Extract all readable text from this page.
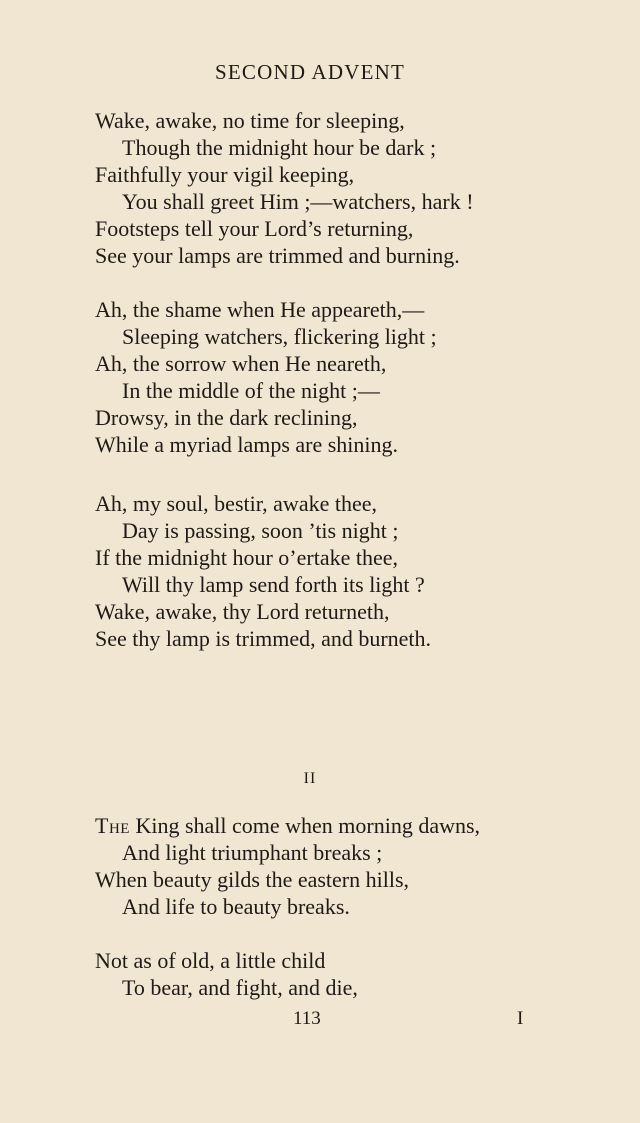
SECOND ADVENT

Wake, awake, no time for sleeping,

Though the midnight hour be dark ;

Faithfully your vigil keeping,

You shall greet Him ;—watchers, hark !

Footsteps tell your Lord’s returning,

See your lamps are trimmed and burning.

Ah, the shame when He appeareth,—

Sleeping watchers, flickering light ;

Ah, the sorrow when He neareth,

In the middle of the night ;—

Drowsy, in the dark reclining,

While a myriad lamps are shining.

Ah, my soul, bestir, awake thee,

Day is passing, soon ’tis night ;

If the midnight hour o’ertake thee,

Will thy lamp send forth its light ?

Wake, awake, thy Lord returneth,

See thy lamp is trimmed, and burneth.

II

The King shall come when morning dawns,

And light triumphant breaks ;

When beauty gilds the eastern hills,

And life to beauty breaks.

Not as of old, a little child

To bear, and fight, and die,

113	I
